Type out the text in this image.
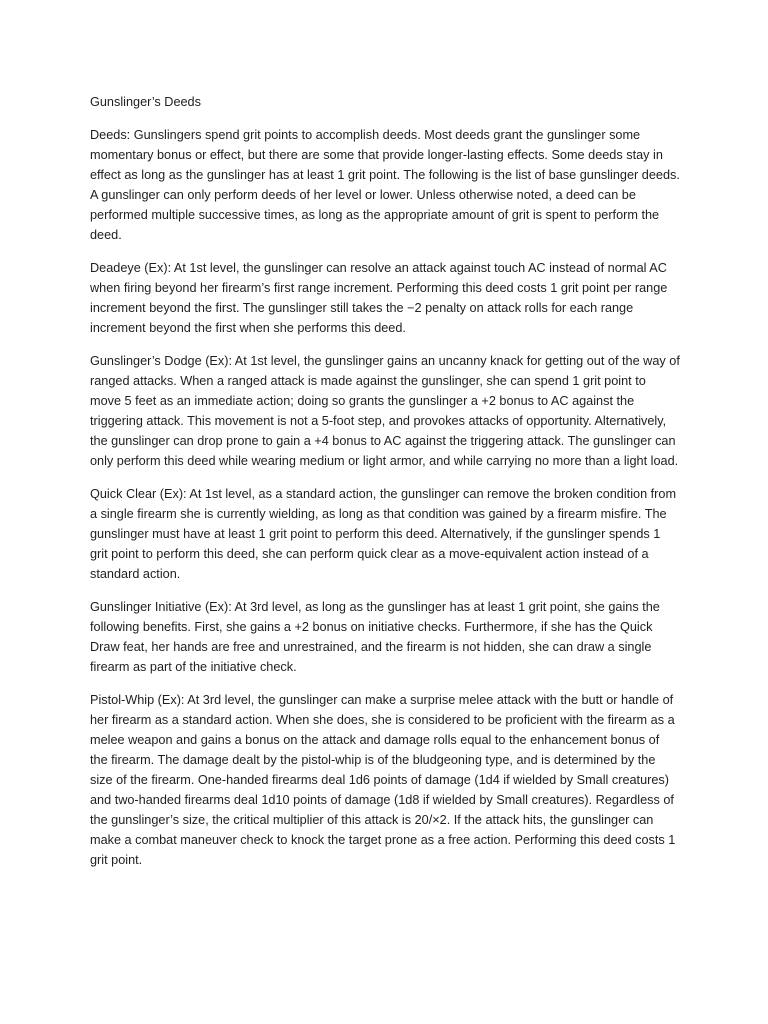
Gunslinger’s Deeds

Deeds: Gunslingers spend grit points to accomplish deeds. Most deeds grant the gunslinger some momentary bonus or effect, but there are some that provide longer-lasting effects. Some deeds stay in effect as long as the gunslinger has at least 1 grit point. The following is the list of base gunslinger deeds. A gunslinger can only perform deeds of her level or lower. Unless otherwise noted, a deed can be performed multiple successive times, as long as the appropriate amount of grit is spent to perform the deed.

Deadeye (Ex): At 1st level, the gunslinger can resolve an attack against touch AC instead of normal AC when firing beyond her firearm’s first range increment. Performing this deed costs 1 grit point per range increment beyond the first. The gunslinger still takes the −2 penalty on attack rolls for each range increment beyond the first when she performs this deed.

Gunslinger’s Dodge (Ex): At 1st level, the gunslinger gains an uncanny knack for getting out of the way of ranged attacks. When a ranged attack is made against the gunslinger, she can spend 1 grit point to move 5 feet as an immediate action; doing so grants the gunslinger a +2 bonus to AC against the triggering attack. This movement is not a 5-foot step, and provokes attacks of opportunity. Alternatively, the gunslinger can drop prone to gain a +4 bonus to AC against the triggering attack. The gunslinger can only perform this deed while wearing medium or light armor, and while carrying no more than a light load.

Quick Clear (Ex): At 1st level, as a standard action, the gunslinger can remove the broken condition from a single firearm she is currently wielding, as long as that condition was gained by a firearm misfire. The gunslinger must have at least 1 grit point to perform this deed. Alternatively, if the gunslinger spends 1 grit point to perform this deed, she can perform quick clear as a move-equivalent action instead of a standard action.

Gunslinger Initiative (Ex): At 3rd level, as long as the gunslinger has at least 1 grit point, she gains the following benefits. First, she gains a +2 bonus on initiative checks. Furthermore, if she has the Quick Draw feat, her hands are free and unrestrained, and the firearm is not hidden, she can draw a single firearm as part of the initiative check.

Pistol-Whip (Ex): At 3rd level, the gunslinger can make a surprise melee attack with the butt or handle of her firearm as a standard action. When she does, she is considered to be proficient with the firearm as a melee weapon and gains a bonus on the attack and damage rolls equal to the enhancement bonus of the firearm. The damage dealt by the pistol-whip is of the bludgeoning type, and is determined by the size of the firearm. One-handed firearms deal 1d6 points of damage (1d4 if wielded by Small creatures) and two-handed firearms deal 1d10 points of damage (1d8 if wielded by Small creatures). Regardless of the gunslinger’s size, the critical multiplier of this attack is 20/×2. If the attack hits, the gunslinger can make a combat maneuver check to knock the target prone as a free action. Performing this deed costs 1 grit point.
